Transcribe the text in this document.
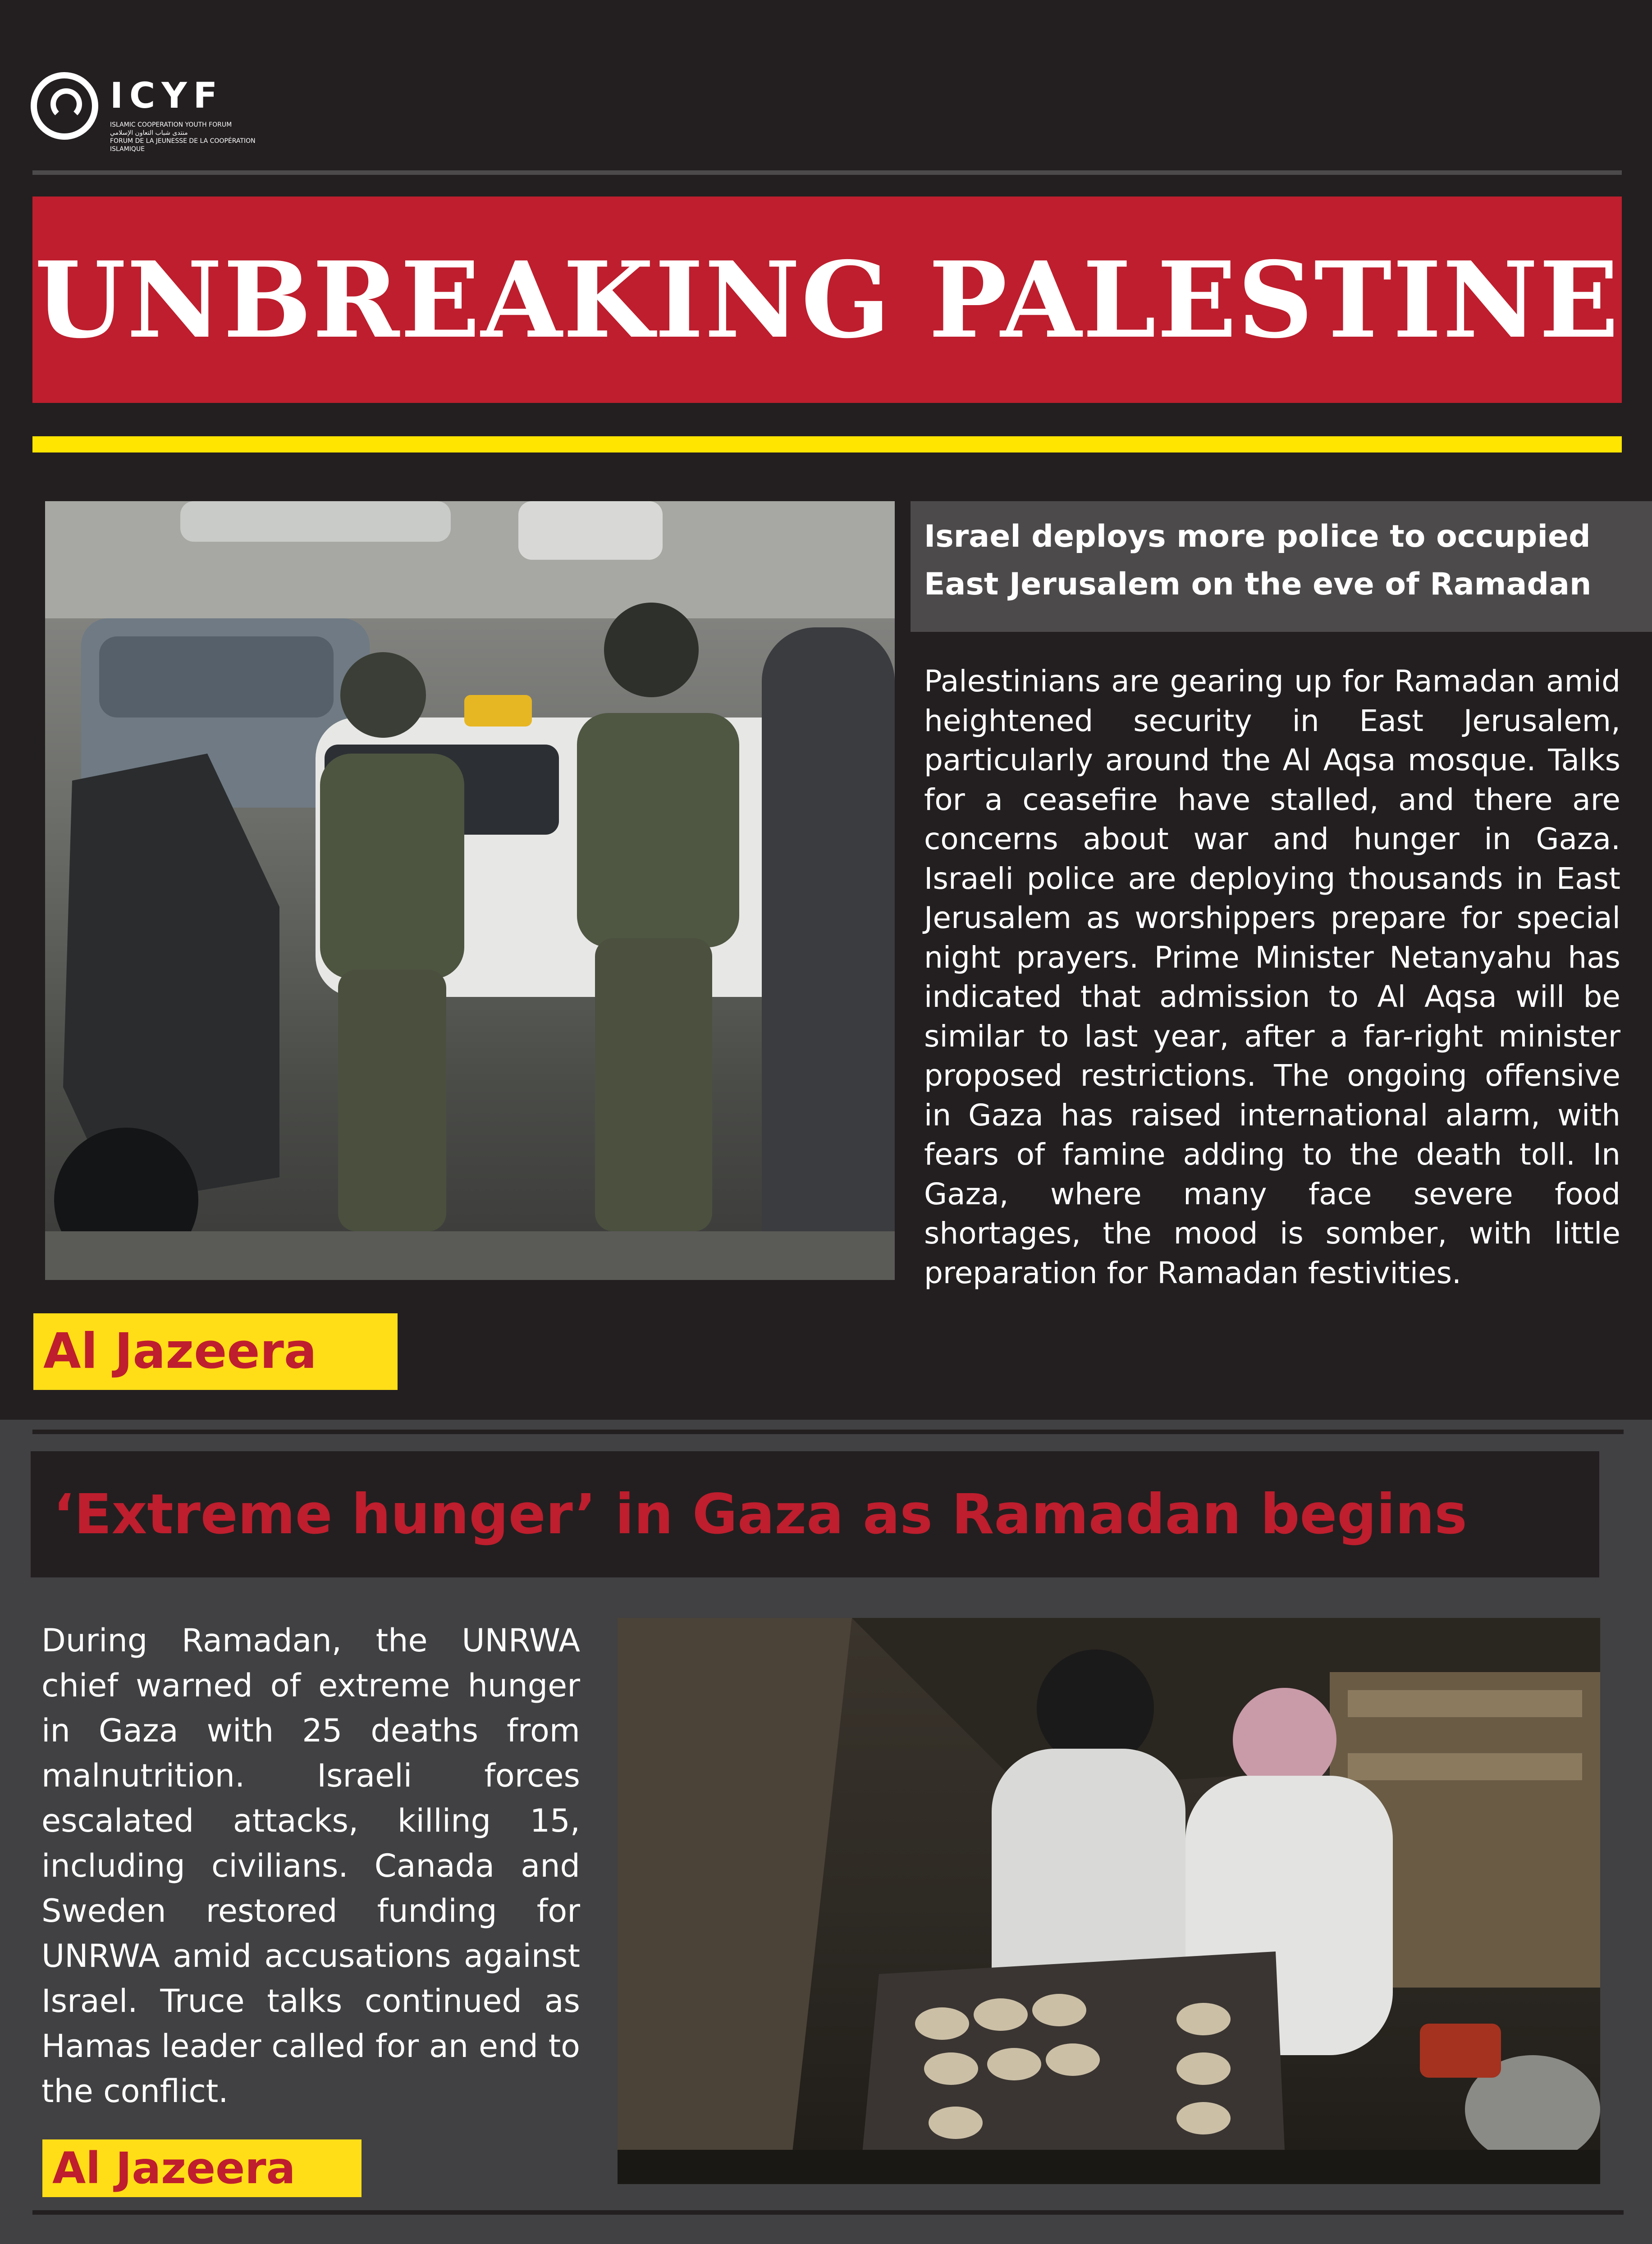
ICYF
ISLAMIC COOPERATION YOUTH FORUM
منتدى شباب التعاون الإسلامي
FORUM DE LA JEUNESSE DE LA COOPÉRATION ISLAMIQUE
UNBREAKING PALESTINE
Al Jazeera
Israel deploys more police to occupied East Jerusalem on the eve of Ramadan
Palestinians are gearing up for Ramadan amid heightened security in East Jerusalem, particularly around the Al Aqsa mosque. Talks for a ceasefire have stalled, and there are concerns about war and hunger in Gaza. Israeli police are deploying thousands in East Jerusalem as worshippers prepare for special night prayers. Prime Minister Netanyahu has indicated that admission to Al Aqsa will be similar to last year, after a far-right minister proposed restrictions. The ongoing offensive in Gaza has raised international alarm, with fears of famine adding to the death toll. In Gaza, where many face severe food shortages, the mood is somber, with little preparation for Ramadan festivities.
‘Extreme hunger’ in Gaza as Ramadan begins
During Ramadan, the UNRWA chief warned of extreme hunger in Gaza with 25 deaths from malnutrition. Israeli forces escalated attacks, killing 15, including civilians. Canada and Sweden restored funding for UNRWA amid accusations against Israel. Truce talks continued as Hamas leader called for an end to the conflict.
Al Jazeera
